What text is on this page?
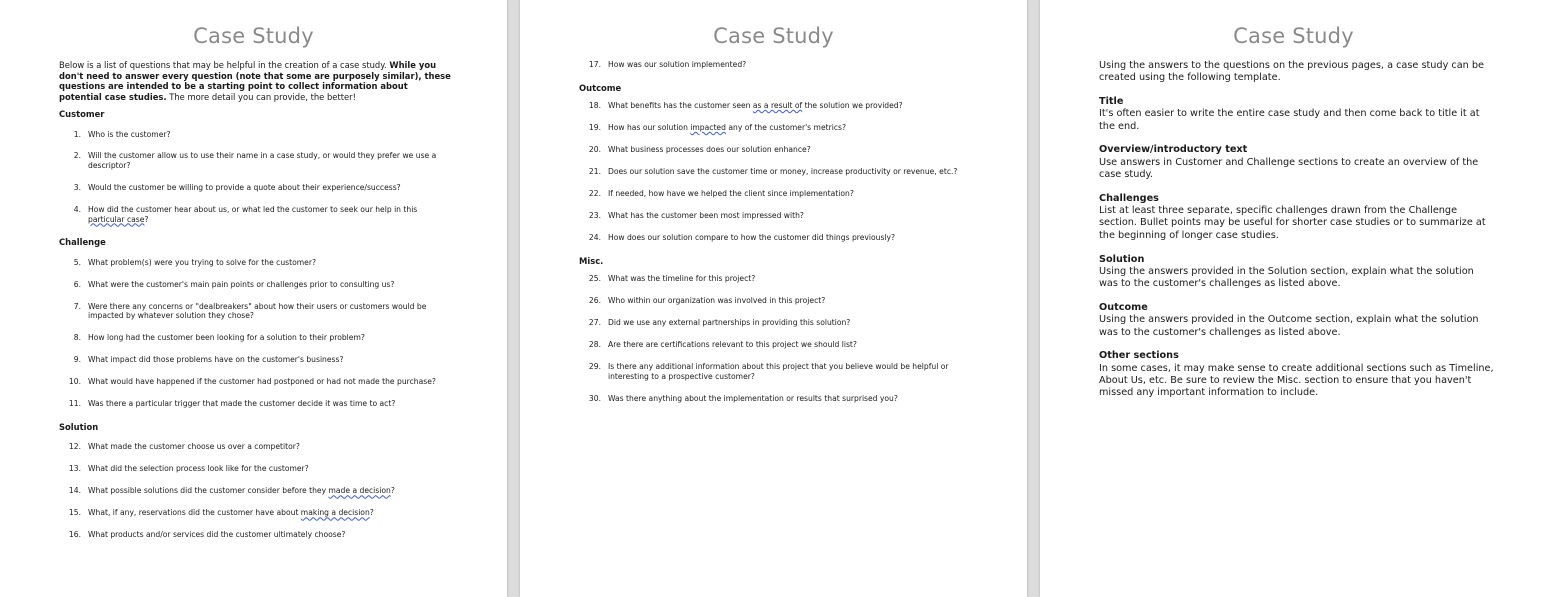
Case Study

Below is a list of questions that may be helpful in the creation of a case study. While you don't need to answer every question (note that some are purposely similar), these questions are intended to be a starting point to collect information about potential case studies. The more detail you can provide, the better!

Customer

1. Who is the customer?
2. Will the customer allow us to use their name in a case study, or would they prefer we use a descriptor?
3. Would the customer be willing to provide a quote about their experience/success?
4. How did the customer hear about us, or what led the customer to seek our help in this particular case?

Challenge

5. What problem(s) were you trying to solve for the customer?
6. What were the customer's main pain points or challenges prior to consulting us?
7. Were there any concerns or "dealbreakers" about how their users or customers would be impacted by whatever solution they chose?
8. How long had the customer been looking for a solution to their problem?
9. What impact did those problems have on the customer's business?
10. What would have happened if the customer had postponed or had not made the purchase?
11. Was there a particular trigger that made the customer decide it was time to act?

Solution

12. What made the customer choose us over a competitor?
13. What did the selection process look like for the customer?
14. What possible solutions did the customer consider before they made a decision?
15. What, if any, reservations did the customer have about making a decision?
16. What products and/or services did the customer ultimately choose?
Case Study
17. How was our solution implemented?

Outcome

18. What benefits has the customer seen as a result of the solution we provided?
19. How has our solution impacted any of the customer's metrics?
20. What business processes does our solution enhance?
21. Does our solution save the customer time or money, increase productivity or revenue, etc.?
22. If needed, how have we helped the client since implementation?
23. What has the customer been most impressed with?
24. How does our solution compare to how the customer did things previously?

Misc.

25. What was the timeline for this project?
26. Who within our organization was involved in this project?
27. Did we use any external partnerships in providing this solution?
28. Are there are certifications relevant to this project we should list?
29. Is there any additional information about this project that you believe would be helpful or interesting to a prospective customer?
30. Was there anything about the implementation or results that surprised you?
Case Study

Using the answers to the questions on the previous pages, a case study can be created using the following template.

Title

It's often easier to write the entire case study and then come back to title it at the end.

Overview/introductory text

Use answers in Customer and Challenge sections to create an overview of the case study.

Challenges

List at least three separate, specific challenges drawn from the Challenge section. Bullet points may be useful for shorter case studies or to summarize at the beginning of longer case studies.

Solution

Using the answers provided in the Solution section, explain what the solution was to the customer's challenges as listed above.

Outcome

Using the answers provided in the Outcome section, explain what the solution was to the customer's challenges as listed above.

Other sections

In some cases, it may make sense to create additional sections such as Timeline, About Us, etc. Be sure to review the Misc. section to ensure that you haven't missed any important information to include.
